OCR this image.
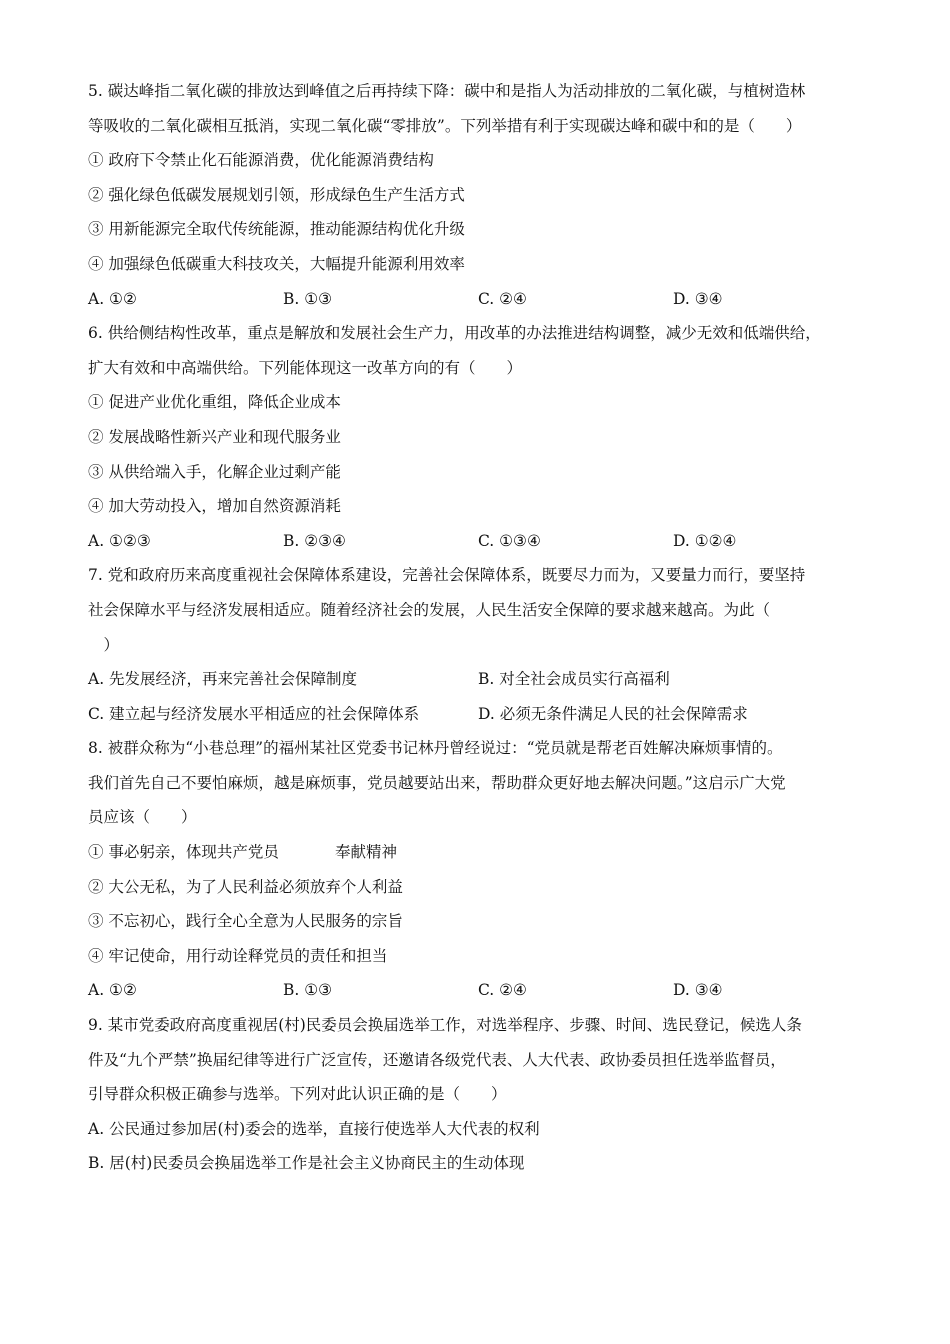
5. 碳达峰指二氧化碳的排放达到峰值之后再持续下降：碳中和是指人为活动排放的二氧化碳，与植树造林
等吸收的二氧化碳相互抵消，实现二氧化碳“零排放”。下列举措有利于实现碳达峰和碳中和的是（　　）
① 政府下令禁止化石能源消费，优化能源消费结构
② 强化绿色低碳发展规划引领，形成绿色生产生活方式
③ 用新能源完全取代传统能源，推动能源结构优化升级
④ 加强绿色低碳重大科技攻关，大幅提升能源利用效率
A. ①②	B. ①③	C. ②④	D. ③④
6. 供给侧结构性改革，重点是解放和发展社会生产力，用改革的办法推进结构调整，减少无效和低端供给，
扩大有效和中高端供给。下列能体现这一改革方向的有（　　）
① 促进产业优化重组，降低企业成本
② 发展战略性新兴产业和现代服务业
③ 从供给端入手，化解企业过剩产能
④ 加大劳动投入，增加自然资源消耗
A. ①②③	B. ②③④	C. ①③④	D. ①②④
7. 党和政府历来高度重视社会保障体系建设，完善社会保障体系，既要尽力而为，又要量力而行，要坚持
社会保障水平与经济发展相适应。随着经济社会的发展，人民生活安全保障的要求越来越高。为此（
　）
A. 先发展经济，再来完善社会保障制度	B. 对全社会成员实行高福利
C. 建立起与经济发展水平相适应的社会保障体系	D. 必须无条件满足人民的社会保障需求
8. 被群众称为“小巷总理”的福州某社区党委书记林丹曾经说过：“党员就是帮老百姓解决麻烦事情的。
我们首先自己不要怕麻烦，越是麻烦事，党员越要站出来，帮助群众更好地去解决问题。”这启示广大党
员应该（　　）
① 事必躬亲，体现共产党员	奉献精神
② 大公无私，为了人民利益必须放弃个人利益
③ 不忘初心，践行全心全意为人民服务的宗旨
④ 牢记使命，用行动诠释党员的责任和担当
A. ①②	B. ①③	C. ②④	D. ③④
9. 某市党委政府高度重视居(村)民委员会换届选举工作，对选举程序、步骤、时间、选民登记，候选人条
件及“九个严禁”换届纪律等进行广泛宣传，还邀请各级党代表、人大代表、政协委员担任选举监督员，
引导群众积极正确参与选举。下列对此认识正确的是（　　）
A. 公民通过参加居(村)委会的选举，直接行使选举人大代表的权利
B. 居(村)民委员会换届选举工作是社会主义协商民主的生动体现
